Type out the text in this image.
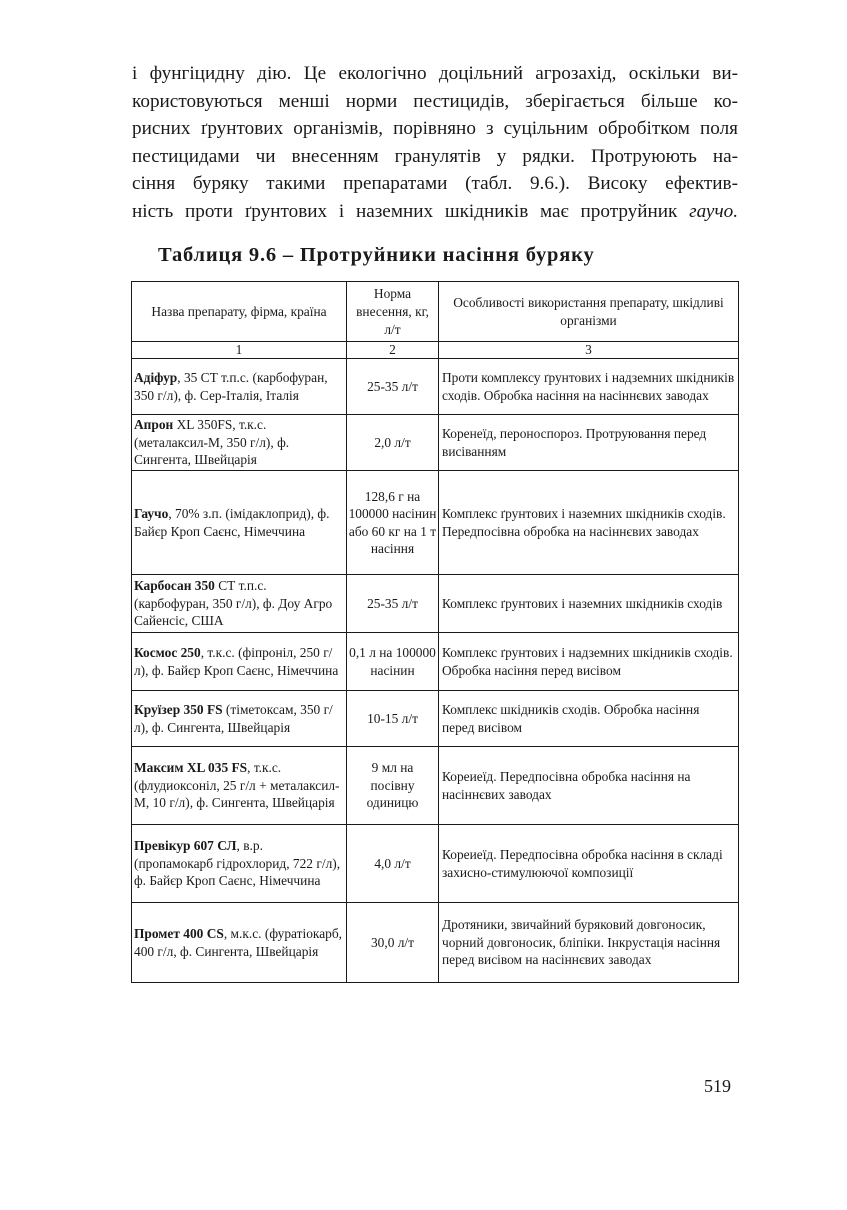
і фунгіцидну дію. Це екологічно доцільний агрозахід, оскільки ви-
користовуються менші норми пестицидів, зберігається більше ко-
рисних ґрунтових організмів, порівняно з суцільним обробітком поля
пестицидами чи внесенням гранулятів у рядки. Протруюють на-
сіння буряку такими препаратами (табл. 9.6.). Високу ефектив-
ність проти ґрунтових і наземних шкідників має протруйник гаучо.

Таблиця 9.6 – Протруйники насіння буряку

Назва препарату, фірма, країна	Норма внесення, кг, л/т	Особливості використання препарату, шкідливі організми
1	2	3
Адіфур, 35 СТ т.п.с. (карбофуран, 350 г/л), ф. Сер-Італія, Італія	25-35 л/т	Проти комплексу ґрунтових і надземних шкідників сходів. Обробка насіння на насіннєвих заводах
Апрон XL 350FS, т.к.с. (металаксил-М, 350 г/л), ф. Сингента, Швейцарія	2,0 л/т	Коренеїд, пероноспороз. Протруювання перед висіванням
Гаучо, 70% з.п. (імідаклоприд), ф. Байєр Кроп Саєнс, Німеччина	128,6 г на 100000 насінин або 60 кг на 1 т насіння	Комплекс ґрунтових і наземних шкідників сходів. Передпосівна обробка на насіннєвих заводах
Карбосан 350 СТ т.п.с. (карбофуран, 350 г/л), ф. Доу Агро Сайенсіс, США	25-35 л/т	Комплекс ґрунтових і наземних шкідників сходів
Космос 250, т.к.с. (фіпроніл, 250 г/л), ф. Байєр Кроп Саєнс, Німеччина	0,1 л на 100000 насінин	Комплекс ґрунтових і надземних шкідників сходів. Обробка насіння перед висівом
Круїзер 350 FS (тіметоксам, 350 г/л), ф. Сингента, Швейцарія	10-15 л/т	Комплекс шкідників сходів. Обробка насіння перед висівом
Максим XL 035 FS, т.к.с. (флудиоксоніл, 25 г/л + металаксил-М, 10 г/л), ф. Сингента, Швейцарія	9 мл на посівну одиницю	Кореиеїд. Передпосівна обробка насіння на насіннєвих заводах
Превікур 607 СЛ, в.р. (пропамокарб гідрохлорид, 722 г/л), ф. Байєр Кроп Саєнс, Німеччина	4,0 л/т	Кореиеїд. Передпосівна обробка насіння в складі захисно-стимулюючої композиції
Промет 400 CS, м.к.с. (фуратіокарб, 400 г/л, ф. Сингента, Швейцарія	30,0 л/т	Дротяники, звичайний буряковий довгоносик, чорний довгоносик, бліпіки. Інкрустація насіння перед висівом на насіннєвих заводах

519
